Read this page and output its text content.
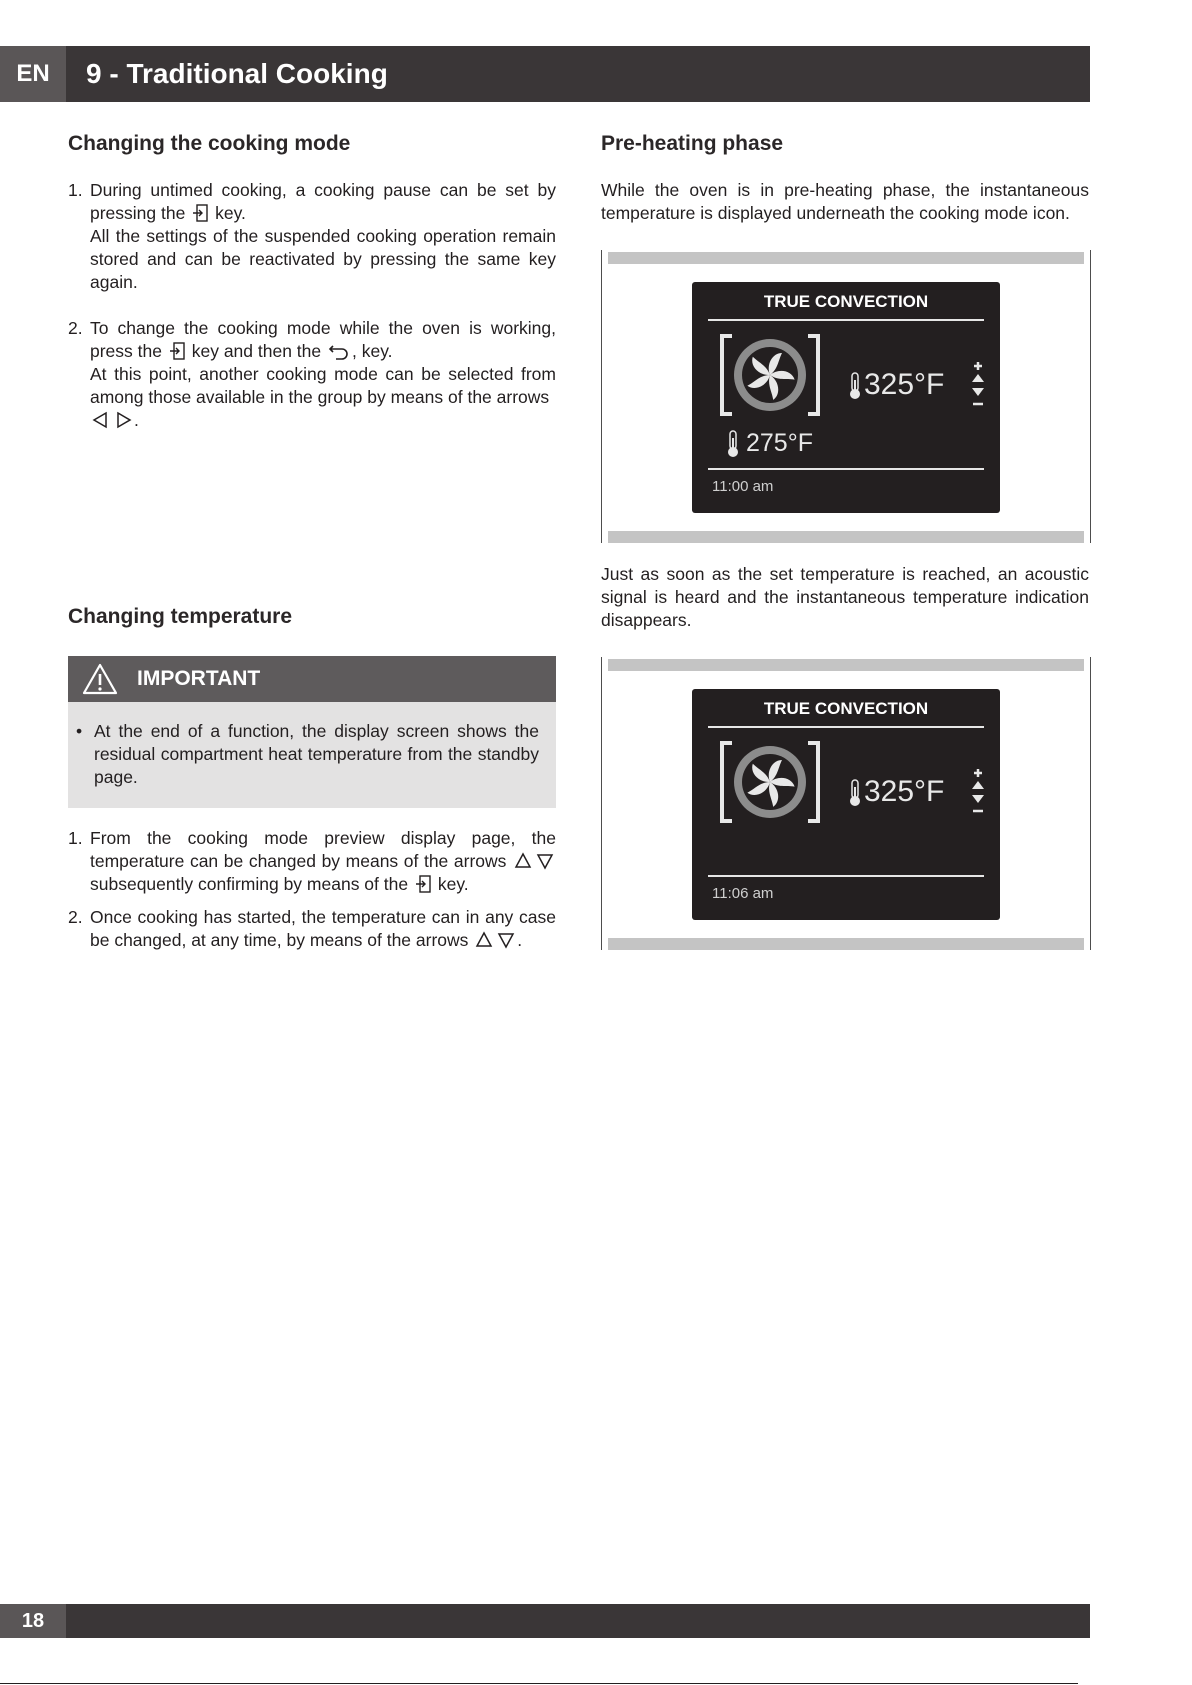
EN	9 - Traditional Cooking
Changing the cooking mode
1. During untimed cooking, a cooking pause can be set by pressing the key.
All the settings of the suspended cooking operation remain stored and can be reactivated by pressing the same key again.
2. To change the cooking mode while the oven is working, press the key and then the , key.
At this point, another cooking mode can be selected from among those available in the group by means of the arrows
.
Changing temperature
IMPORTANT
• At the end of a function, the display screen shows the residual compartment heat temperature from the standby page.
1. From the cooking mode preview display page, the temperature can be changed by means of the arrows  subsequently confirming by means of the key.
2. Once cooking has started, the temperature can in any case be changed, at any time, by means of the arrows	.
Pre-heating phase
While the oven is in pre-heating phase, the instantaneous temperature is displayed underneath the cooking mode icon.
TRUE CONVECTION
325°F
275°F
11:00 am
Just as soon as the set temperature is reached, an acoustic signal is heard and the instantaneous temperature indication disappears.
TRUE CONVECTION
325°F
11:06 am
18
